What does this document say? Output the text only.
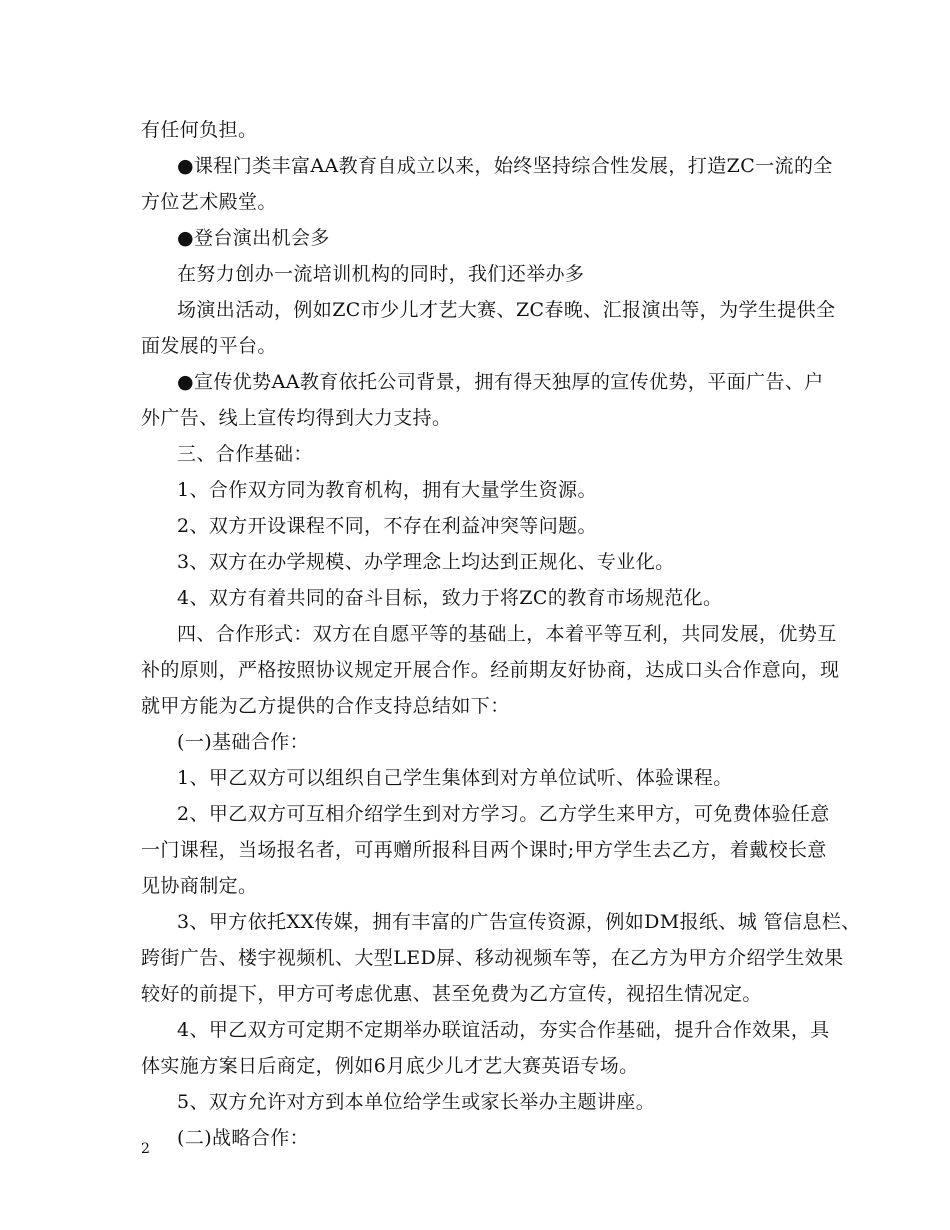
有任何负担。
●课程门类丰富AA教育自成立以来，始终坚持综合性发展，打造ZC一流的全
方位艺术殿堂。
●登台演出机会多
在努力创办一流培训机构的同时，我们还举办多
场演出活动，例如ZC市少儿才艺大赛、ZC春晚、汇报演出等，为学生提供全
面发展的平台。
●宣传优势AA教育依托公司背景，拥有得天独厚的宣传优势，平面广告、户
外广告、线上宣传均得到大力支持。
三、合作基础：
1、合作双方同为教育机构，拥有大量学生资源。
2、双方开设课程不同，不存在利益冲突等问题。
3、双方在办学规模、办学理念上均达到正规化、专业化。
4、双方有着共同的奋斗目标，致力于将ZC的教育市场规范化。
四、合作形式：双方在自愿平等的基础上，本着平等互利，共同发展，优势互
补的原则，严格按照协议规定开展合作。经前期友好协商，达成口头合作意向，现
就甲方能为乙方提供的合作支持总结如下：
(一)基础合作：
1、甲乙双方可以组织自己学生集体到对方单位试听、体验课程。
2、甲乙双方可互相介绍学生到对方学习。乙方学生来甲方，可免费体验任意
一门课程，当场报名者，可再赠所报科目两个课时;甲方学生去乙方，着戴校长意
见协商制定。
3、甲方依托XX传媒，拥有丰富的广告宣传资源，例如DM报纸、城 管信息栏、
跨街广告、楼宇视频机、大型LED屏、移动视频车等，在乙方为甲方介绍学生效果
较好的前提下，甲方可考虑优惠、甚至免费为乙方宣传，视招生情况定。
4、甲乙双方可定期不定期举办联谊活动，夯实合作基础，提升合作效果，具
体实施方案日后商定，例如6月底少儿才艺大赛英语专场。
5、双方允许对方到本单位给学生或家长举办主题讲座。
(二)战略合作：
2
